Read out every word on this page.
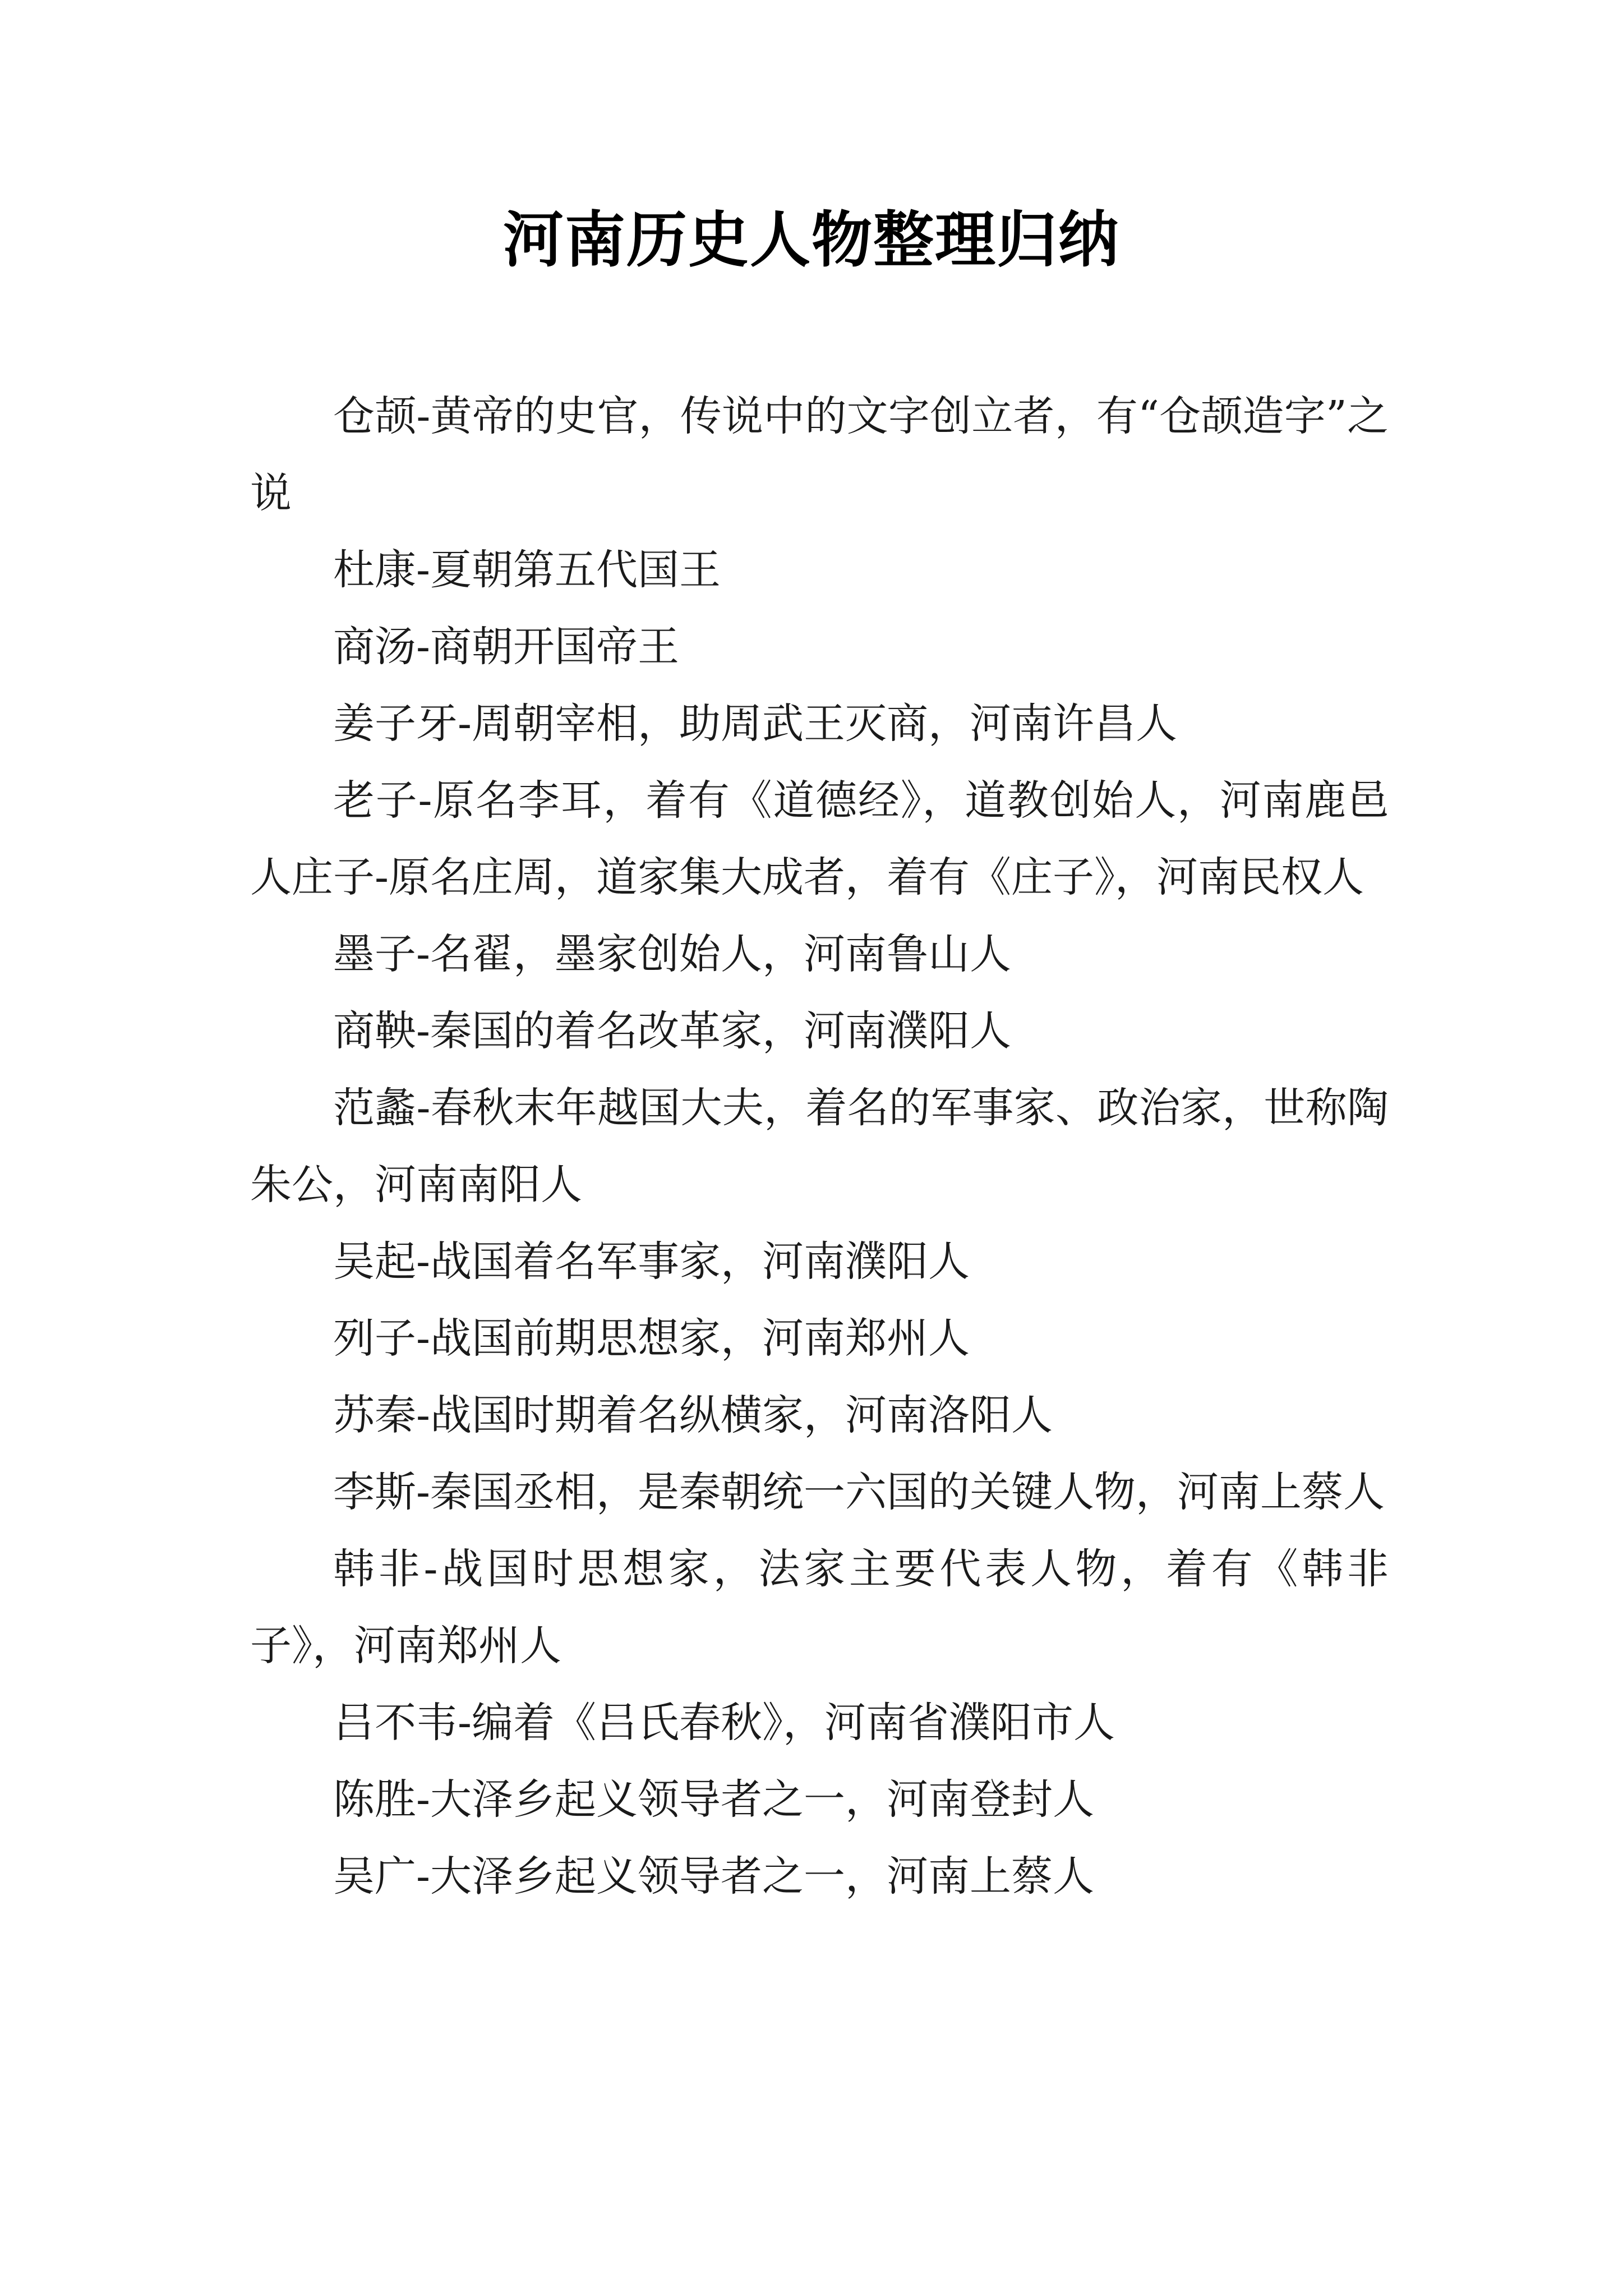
河南历史人物整理归纳

仓颉-黄帝的史官，传说中的文字创立者，有“仓颉造字”之说

杜康-夏朝第五代国王

商汤-商朝开国帝王

姜子牙-周朝宰相，助周武王灭商，河南许昌人

老子-原名李耳，着有《道德经》，道教创始人，河南鹿邑人庄子-原名庄周，道家集大成者，着有《庄子》，河南民权人

墨子-名翟，墨家创始人，河南鲁山人

商鞅-秦国的着名改革家，河南濮阳人

范蠡-春秋末年越国大夫，着名的军事家、政治家，世称陶朱公，河南南阳人

吴起-战国着名军事家，河南濮阳人

列子-战国前期思想家，河南郑州人

苏秦-战国时期着名纵横家，河南洛阳人

李斯-秦国丞相，是秦朝统一六国的关键人物，河南上蔡人

韩非-战国时思想家，法家主要代表人物，着有《韩非子》，河南郑州人

吕不韦-编着《吕氏春秋》，河南省濮阳市人

陈胜-大泽乡起义领导者之一，河南登封人

吴广-大泽乡起义领导者之一，河南上蔡人
